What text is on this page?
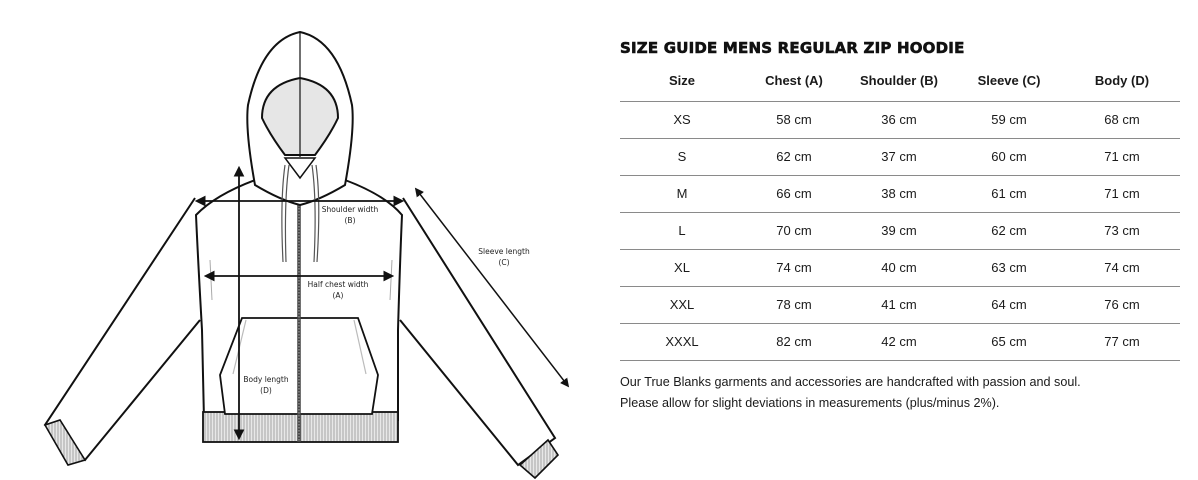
Shoulder width
(B)
Half chest width
(A)
Sleeve length
(C)
Body length
(D)
SIZE GUIDE MENS REGULAR ZIP HOODIE
Size	Chest (A)	Shoulder (B)	Sleeve (C)	Body (D)
XS	58 cm	36 cm	59 cm	68 cm
S	62 cm	37 cm	60 cm	71 cm
M	66 cm	38 cm	61 cm	71 cm
L	70 cm	39 cm	62 cm	73 cm
XL	74 cm	40 cm	63 cm	74 cm
XXL	78 cm	41 cm	64 cm	76 cm
XXXL	82 cm	42 cm	65 cm	77 cm
Our True Blanks garments and accessories are handcrafted with passion and soul.
Please allow for slight deviations in measurements (plus/minus 2%).
